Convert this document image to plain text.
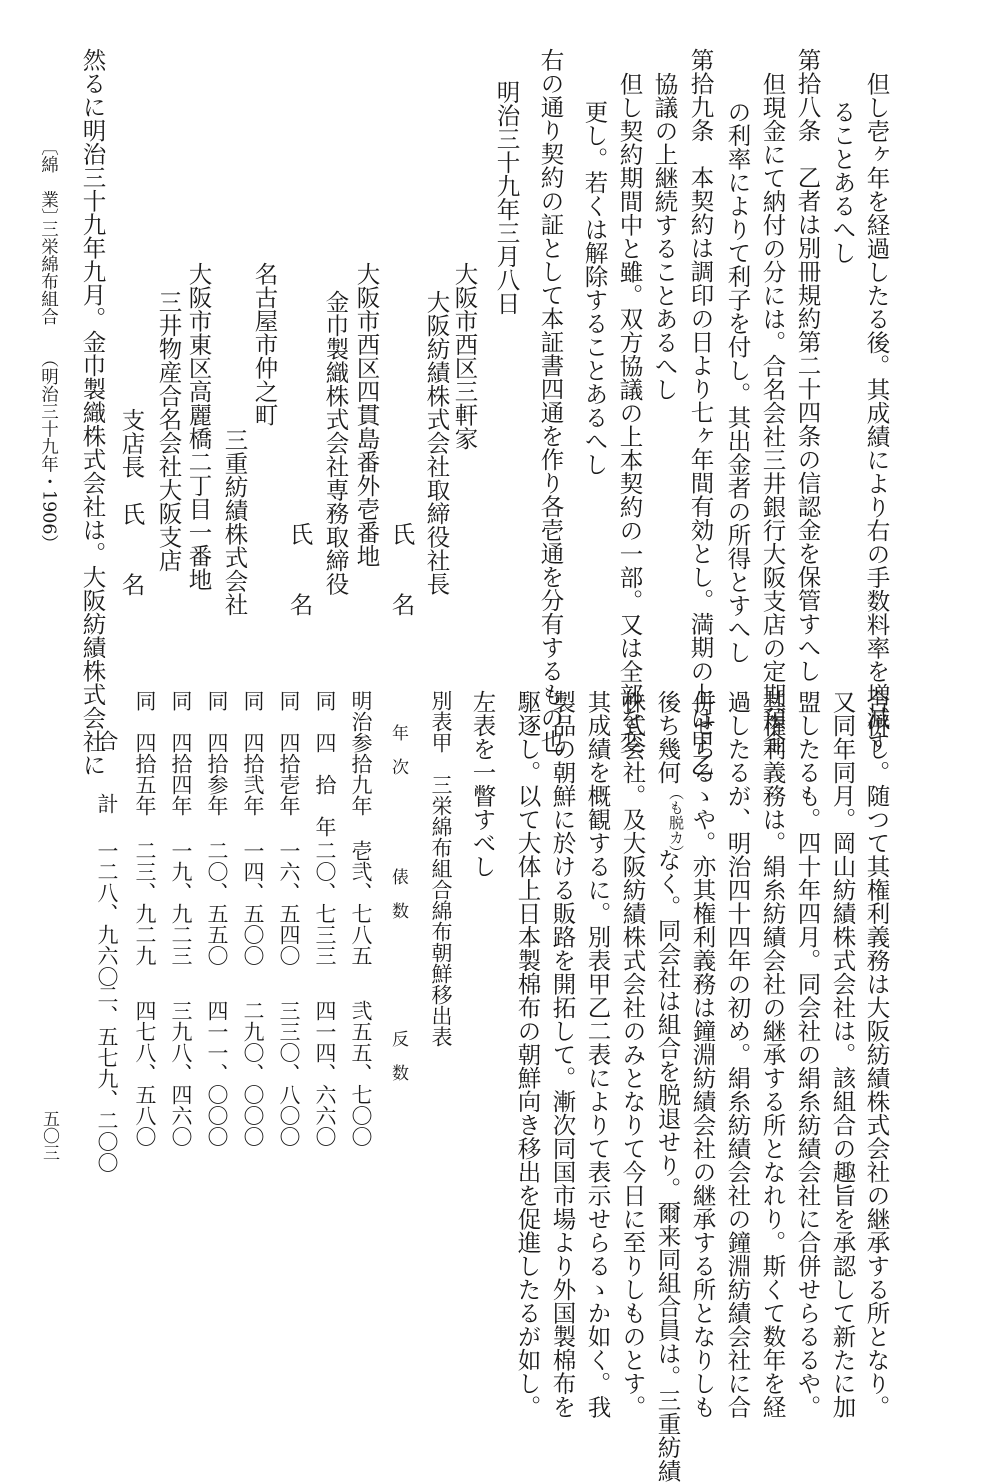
但し壱ヶ年を経過したる後。其成績により右の手数料率を増減す
ることあるへし
第拾八条　乙者は別冊規約第二十四条の信認金を保管すへし
但現金にて納付の分には。合名会社三井銀行大阪支店の定期預金
の利率によりて利子を付し。其出金者の所得とすへし
第拾九条　本契約は調印の日より七ヶ年間有効とし。満期の上は甲乙
協議の上継続することあるへし
但し契約期間中と雖。双方協議の上本契約の一部。又は全部を変
更し。若くは解除することあるへし
右の通り契約の証として本証書四通を作り各壱通を分有するもの也
明治三十九年三月八日
大阪市西区三軒家
大阪紡績株式会社取締役社長
氏　　名
大阪市西区四貫島番外壱番地
金巾製織株式会社専務取締役
氏　　名
名古屋市仲之町
三重紡績株式会社
大阪市東区高麗橋二丁目一番地
三井物産合名会社大阪支店
支店長　氏　　名
然るに明治三十九年九月。金巾製織株式会社は。大阪紡績株式会社に
〔綿　業〕
三栄綿布組合
（明治三十九年・1906）
合併し。随つて其権利義務は大阪紡績株式会社の継承する所となり。
又同年同月。岡山紡績株式会社は。該組合の趣旨を承認して新たに加
盟したるも。四十年四月。同会社の絹糸紡績会社に合併せらるるや。
其権利義務は。絹糸紡績会社の継承する所となれり。斯くて数年を経
過したるが、明治四十四年の初め。絹糸紡績会社の鐘淵紡績会社に合
併せらるゝや。亦其権利義務は鐘淵紡績会社の継承する所となりしも
後ち幾何
（も脱カ）
なく。同会社は組合を脱退せり。爾来同組合員は。三重紡績
株式会社。及大阪紡績株式会社のみとなりて今日に至りしものとす。
其成績を概観するに。別表甲乙二表によりて表示せらるゝか如く。我
製品の朝鮮に於ける販路を開拓して。漸次同国市場より外国製棉布を
駆逐し。以て大体上日本製棉布の朝鮮向き移出を促進したるが如し。
左表を一瞥すべし
別表甲　三栄綿布組合綿布朝鮮移出表
年　次
俵　数
反　数
明治参拾九年
壱弐、七八五
弐五五、七〇〇
同　四　拾　年
二〇、七三三
四一四、六六〇
同　四拾壱年
一六、五四〇
三三〇、八〇〇
同　四拾弐年
一四、五〇〇
二九〇、〇〇〇
同　四拾参年
二〇、五五〇
四一一、〇〇〇
同　四拾四年
一九、九二三
三九八、四六〇
同　四拾五年
二三、九二九
四七八、五八〇
合　　計
一二八、九六〇
二、五七九、二〇〇
五〇三
